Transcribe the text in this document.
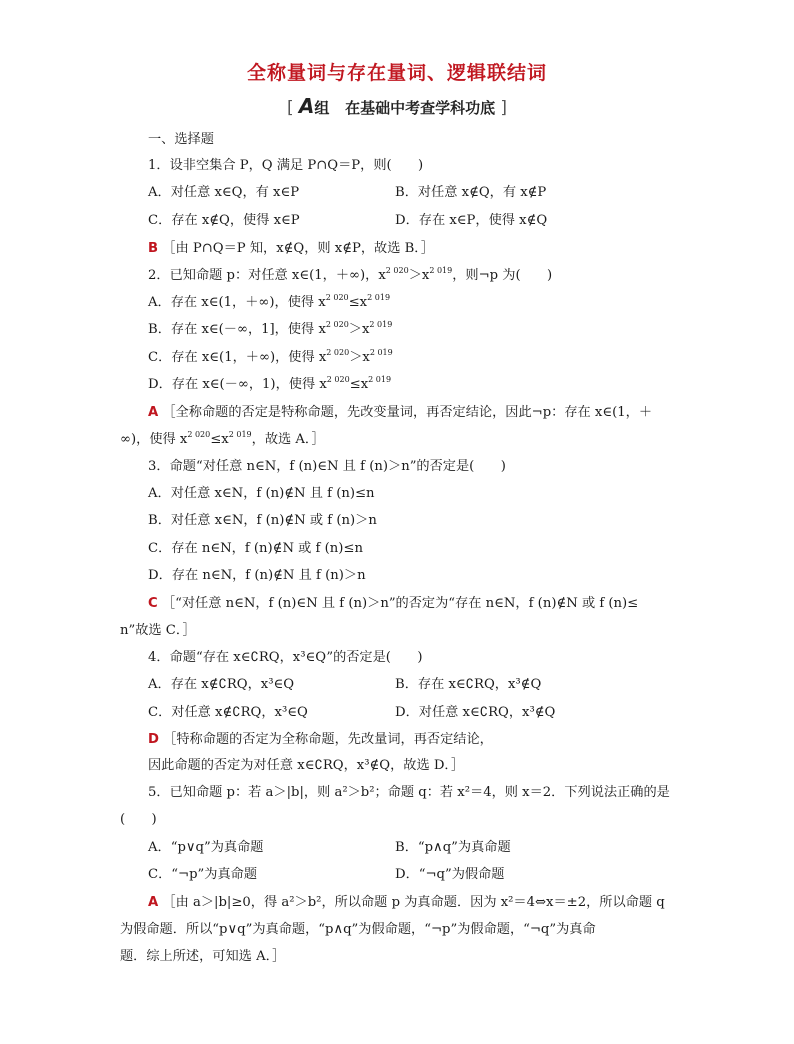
全称量词与存在量词、逻辑联结词
[ A组 在基础中考查学科功底 ]
一、选择题
1．设非空集合 P，Q 满足 P∩Q＝P，则(　　)
A．对任意 x∈Q，有 x∈P	B．对任意 x∉Q，有 x∉P
C．存在 x∉Q，使得 x∈P	D．存在 x∈P，使得 x∉Q
B ［由 P∩Q＝P 知，x∉Q，则 x∉P，故选 B．］
2．已知命题 p：对任意 x∈(1，＋∞)，$x^{2 020}>x^{2 019}$，则¬p 为(　　)
A．存在 x∈(1，＋∞)，使得 $x^{2 020}\le x^{2 019}$
B．存在 x∈(－∞，1]，使得 $x^{2 020}>x^{2 019}$
C．存在 x∈(1，＋∞)，使得 $x^{2 020}>x^{2 019}$
D．存在 x∈(－∞，1)，使得 $x^{2 020}\le x^{2 019}$
A ［全称命题的否定是特称命题，先改变量词，再否定结论，因此¬p：存在 x∈(1，＋
∞)，使得 $x^{2 020}\le x^{2 019}$，故选 A．］
3．命题“对任意 n∈N，f (n)∈N 且 f (n)＞n”的否定是(　　)
A．对任意 x∈N，f (n)∉N 且 f (n)≤n
B．对任意 x∈N，f (n)∉N 或 f (n)＞n
C．存在 n∈N，f (n)∉N 或 f (n)≤n
D．存在 n∈N，f (n)∉N 且 f (n)＞n
C ［“对任意 n∈N，f (n)∈N 且 f (n)＞n”的否定为“存在 n∈N，f (n)∉N 或 f (n)≤
n”故选 C．］
4．命题“存在 x∈∁RQ，x³∈Q”的否定是(　　)
A．存在 x∉∁RQ，x³∈Q	B．存在 x∈∁RQ，x³∉Q
C．对任意 x∉∁RQ，x³∈Q	D．对任意 x∈∁RQ，x³∉Q
D ［特称命题的否定为全称命题，先改量词，再否定结论，
因此命题的否定为对任意 x∈∁RQ，x³∉Q，故选 D．］
5．已知命题 p：若 a＞|b|，则 a²＞b²；命题 q：若 x²＝4，则 x＝2．下列说法正确的是
(　　)
A．“p∨q”为真命题	B．“p∧q”为真命题
C．“¬p”为真命题	D．“¬q”为假命题
A ［由 a＞|b|≥0，得 a²＞b²，所以命题 p 为真命题．因为 x²＝4⇔x＝±2，所以命题 q
为假命题．所以“p∨q”为真命题，“p∧q”为假命题，“¬p”为假命题，“¬q”为真命
题．综上所述，可知选 A．］
